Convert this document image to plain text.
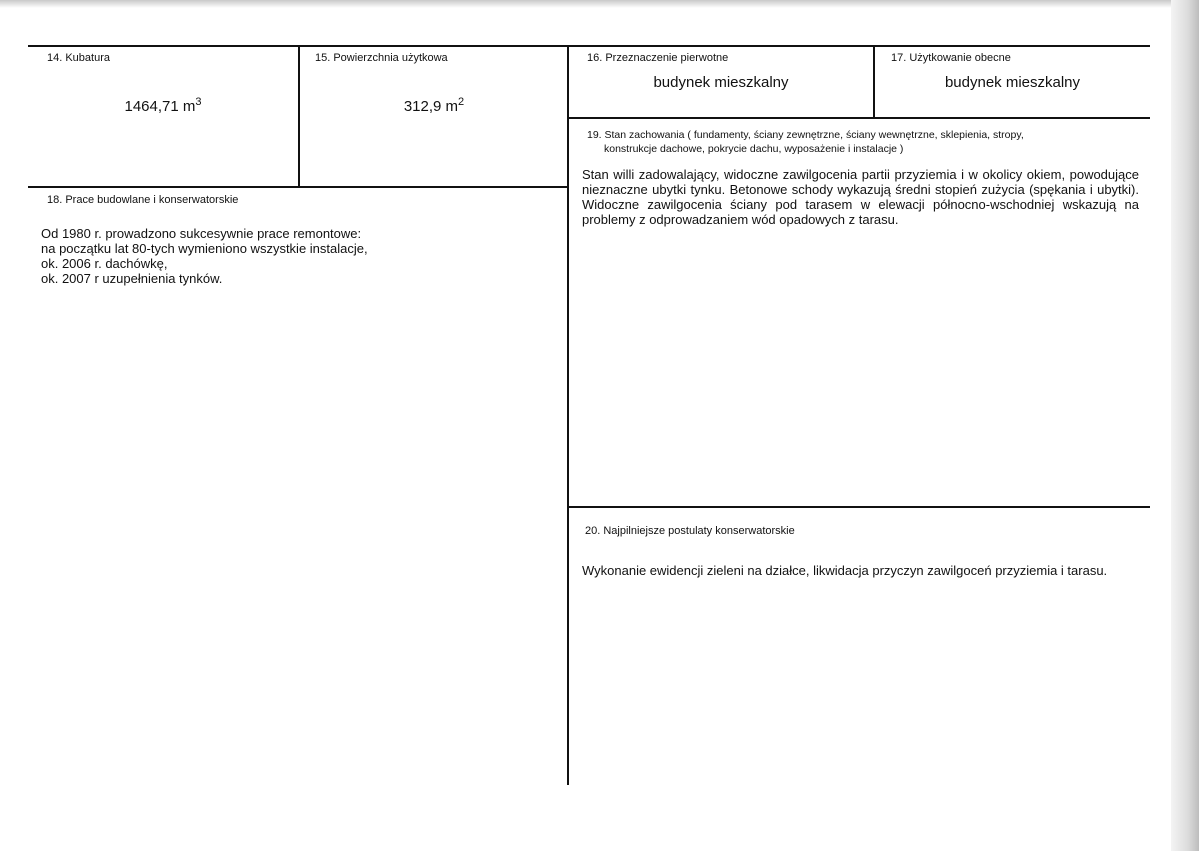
14. Kubatura
1464,71 $m^3$
15. Powierzchnia użytkowa
312,9 $m^2$
16. Przeznaczenie pierwotne
budynek mieszkalny
17. Użytkowanie obecne
budynek mieszkalny
18. Prace budowlane i konserwatorskie
Od 1980 r. prowadzono sukcesywnie prace remontowe:
na początku lat 80-tych wymieniono wszystkie instalacje,
ok. 2006 r. dachówkę,
ok. 2007 r uzupełnienia tynków.
19. Stan zachowania ( fundamenty, ściany zewnętrzne, ściany wewnętrzne, sklepienia, stropy,
konstrukcje dachowe, pokrycie dachu, wyposażenie i instalacje )
Stan willi zadowalający, widoczne zawilgocenia partii przyziemia i w okolicy okiem, powodujące nieznaczne ubytki tynku. Betonowe schody wykazują średni stopień zużycia (spękania i ubytki). Widoczne zawilgocenia ściany pod tarasem w elewacji północno-wschodniej wskazują na problemy z odprowadzaniem wód opadowych z tarasu.
20. Najpilniejsze postulaty konserwatorskie
Wykonanie ewidencji zieleni na działce, likwidacja przyczyn zawilgoceń przyziemia i tarasu.
